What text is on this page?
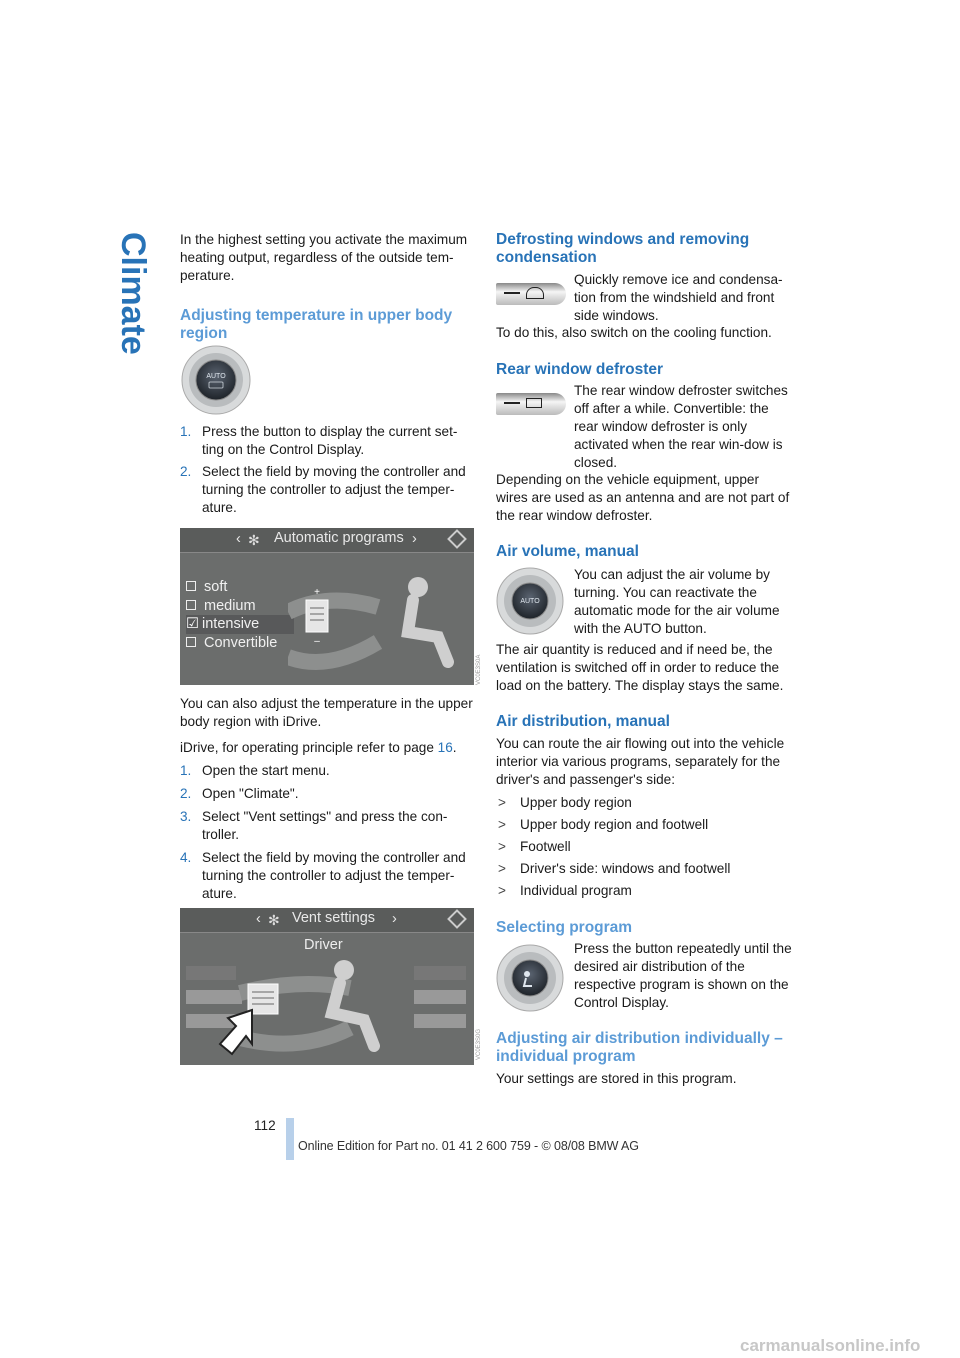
Climate In the highest setting you activate the maximum heating output, regardless of the outside tem-perature.

Adjusting temperature in upper body region

AUTO
1. Press the button to display the current set-ting on the Control Display.
2. Select the field by moving the controller and turning the controller to adjust the temper-ature.
‹ ✻ Automatic programs ›
soft
medium
☑ intensive
Convertible
+
–
VC0E3S0A

You can also adjust the temperature in the upper body region with iDrive.

iDrive, for operating principle refer to page 16.

1. Open the start menu.
2. Open "Climate".
3. Select "Vent settings" and press the con-troller.
4. Select the field by moving the controller and turning the controller to adjust the temper-ature.
‹ ✻ Vent settings ›
Driver
VC0E3S0G

Defrosting windows and removing condensation

Quickly remove ice and condensa-tion from the windshield and front side windows.
To do this, also switch on the cooling function.
Rear window defroster
The rear window defroster switches off after a while. Convertible: the rear window defroster is only activated when the rear win-dow is closed.
Depending on the vehicle equipment, upper wires are used as an antenna and are not part of the rear window defroster.
Air volume, manual
AUTO
You can adjust the air volume by turning. You can reactivate the automatic mode for the air volume with the AUTO button.
The air quantity is reduced and if need be, the ventilation is switched off in order to reduce the load on the battery. The display stays the same.
Air distribution, manual

You can route the air flowing out into the vehicle interior via various programs, separately for the driver's and passenger's side:

> Upper body region
> Upper body region and footwell
> Footwell
> Driver's side: windows and footwell
> Individual program
Selecting program
Press the button repeatedly until the desired air distribution of the respective program is shown on the Control Display.
Adjusting air distribution individually – individual program
Your settings are stored in this program.
112
Online Edition for Part no. 01 41 2 600 759 - © 08/08 BMW AG
carmanualsonline.info
